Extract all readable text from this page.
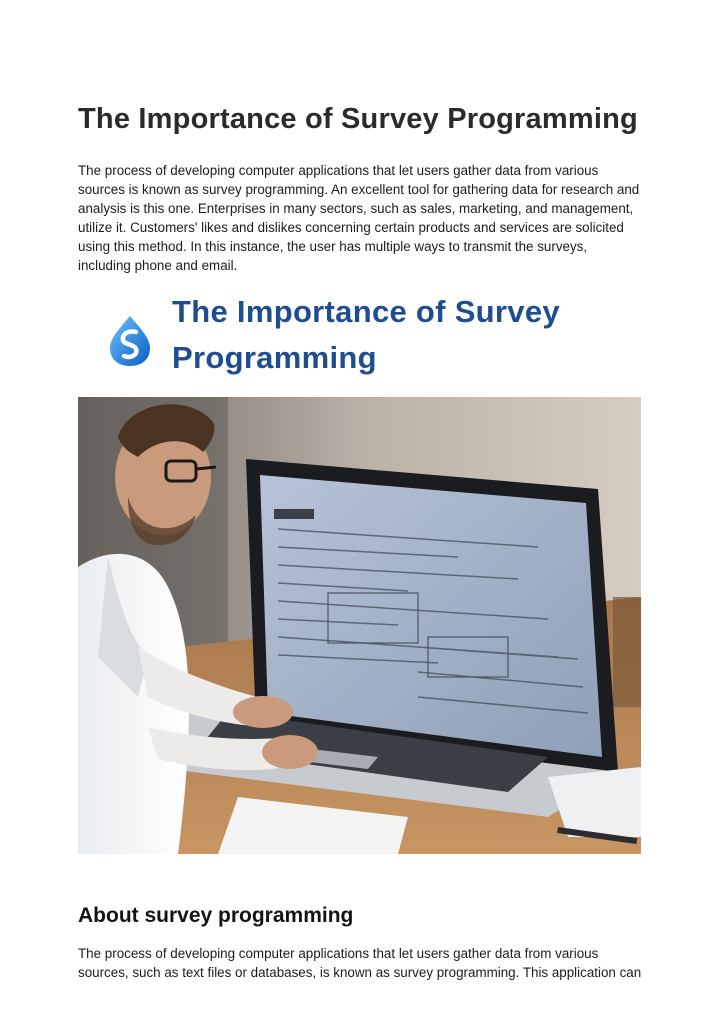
The Importance of Survey Programming

The process of developing computer applications that let users gather data from various
sources is known as survey programming. An excellent tool for gathering data for research and
analysis is this one. Enterprises in many sectors, such as sales, marketing, and management,
utilize it. Customers' likes and dislikes concerning certain products and services are solicited
using this method. In this instance, the user has multiple ways to transmit the surveys,
including phone and email.

The Importance of Survey
Programming
About survey programming

The process of developing computer applications that let users gather data from various
sources, such as text files or databases, is known as survey programming. This application can
